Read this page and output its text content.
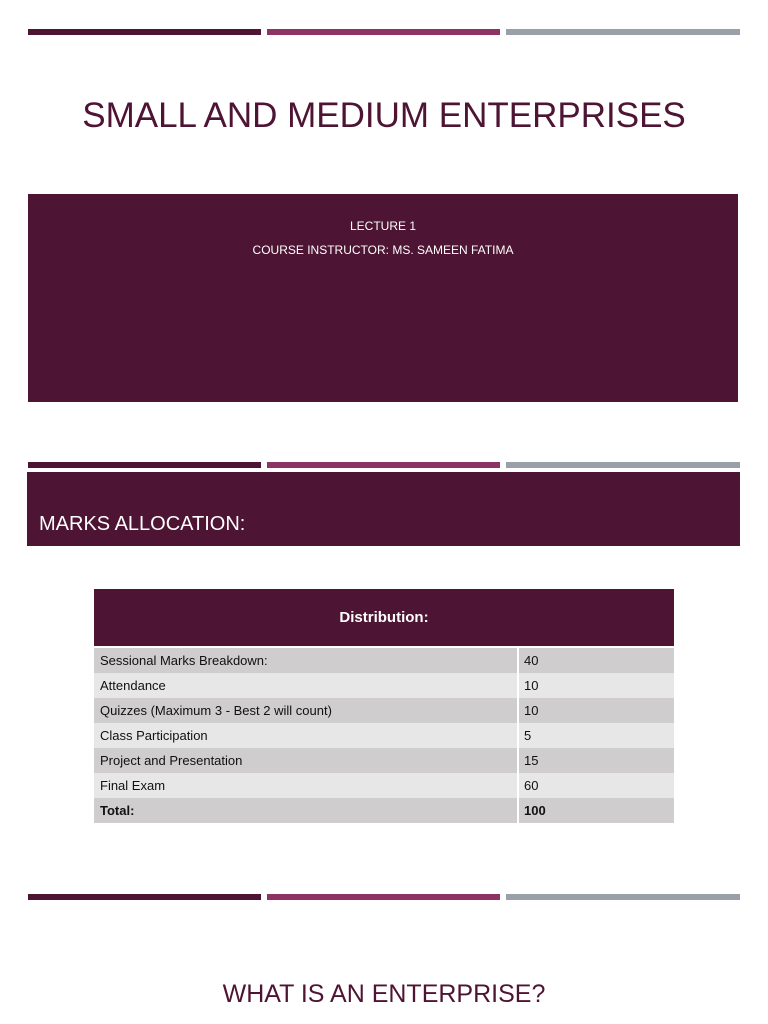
SMALL AND MEDIUM ENTERPRISES
LECTURE 1
COURSE INSTRUCTOR: MS. SAMEEN FATIMA
MARKS ALLOCATION:
Distribution:
Sessional Marks Breakdown:	40
Attendance	10
Quizzes (Maximum 3 - Best 2 will count)	10
Class Participation	5
Project and Presentation	15
Final Exam	60
Total:	100
WHAT IS AN ENTERPRISE?
